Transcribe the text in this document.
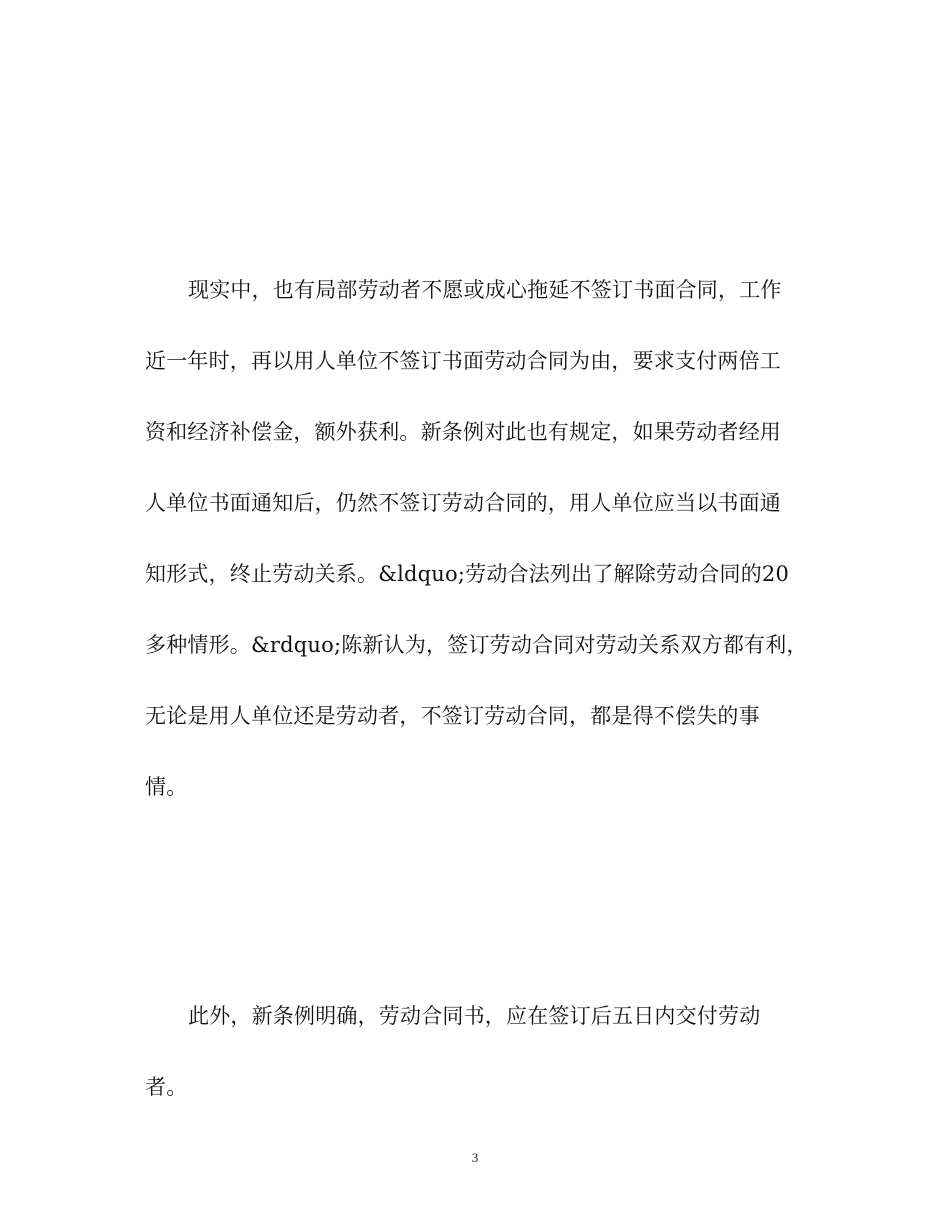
现实中，也有局部劳动者不愿或成心拖延不签订书面合同，工作
近一年时，再以用人单位不签订书面劳动合同为由，要求支付两倍工
资和经济补偿金，额外获利。新条例对此也有规定，如果劳动者经用
人单位书面通知后，仍然不签订劳动合同的，用人单位应当以书面通
知形式，终止劳动关系。&ldquo;劳动合法列出了解除劳动合同的20
多种情形。&rdquo;陈新认为，签订劳动合同对劳动关系双方都有利，
无论是用人单位还是劳动者，不签订劳动合同，都是得不偿失的事
情。
此外，新条例明确，劳动合同书，应在签订后五日内交付劳动
者。
3
